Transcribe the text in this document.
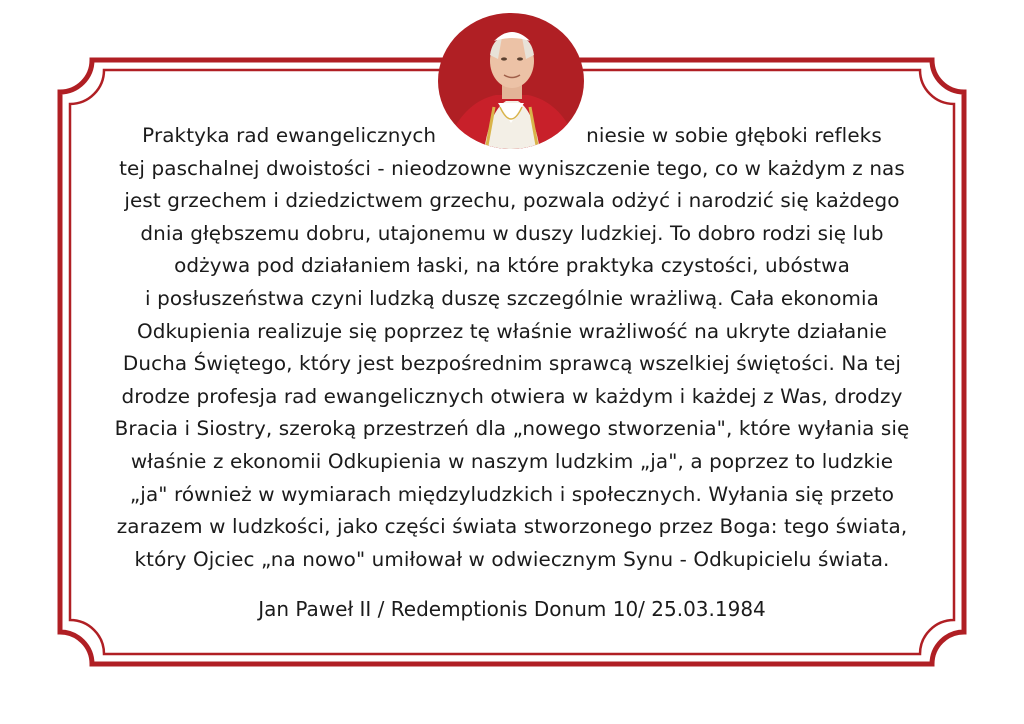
Praktyka rad ewangelicznych	niesie w sobie głęboki refleks
tej paschalnej dwoistości - nieodzowne wyniszczenie tego, co w każdym z nas
jest grzechem i dziedzictwem grzechu, pozwala odżyć i narodzić się każdego
dnia głębszemu dobru, utajonemu w duszy ludzkiej. To dobro rodzi się lub
odżywa pod działaniem łaski, na które praktyka czystości, ubóstwa
i posłuszeństwa czyni ludzką duszę szczególnie wrażliwą. Cała ekonomia
Odkupienia realizuje się poprzez tę właśnie wrażliwość na ukryte działanie
Ducha Świętego, który jest bezpośrednim sprawcą wszelkiej świętości. Na tej
drodze profesja rad ewangelicznych otwiera w każdym i każdej z Was, drodzy
Bracia i Siostry, szeroką przestrzeń dla „nowego stworzenia", które wyłania się
właśnie z ekonomii Odkupienia w naszym ludzkim „ja", a poprzez to ludzkie
„ja" również w wymiarach międzyludzkich i społecznych. Wyłania się przeto
zarazem w ludzkości, jako części świata stworzonego przez Boga: tego świata,
który Ojciec „na nowo" umiłował w odwiecznym Synu - Odkupicielu świata.
Jan Paweł II / Redemptionis Donum 10/ 25.03.1984
